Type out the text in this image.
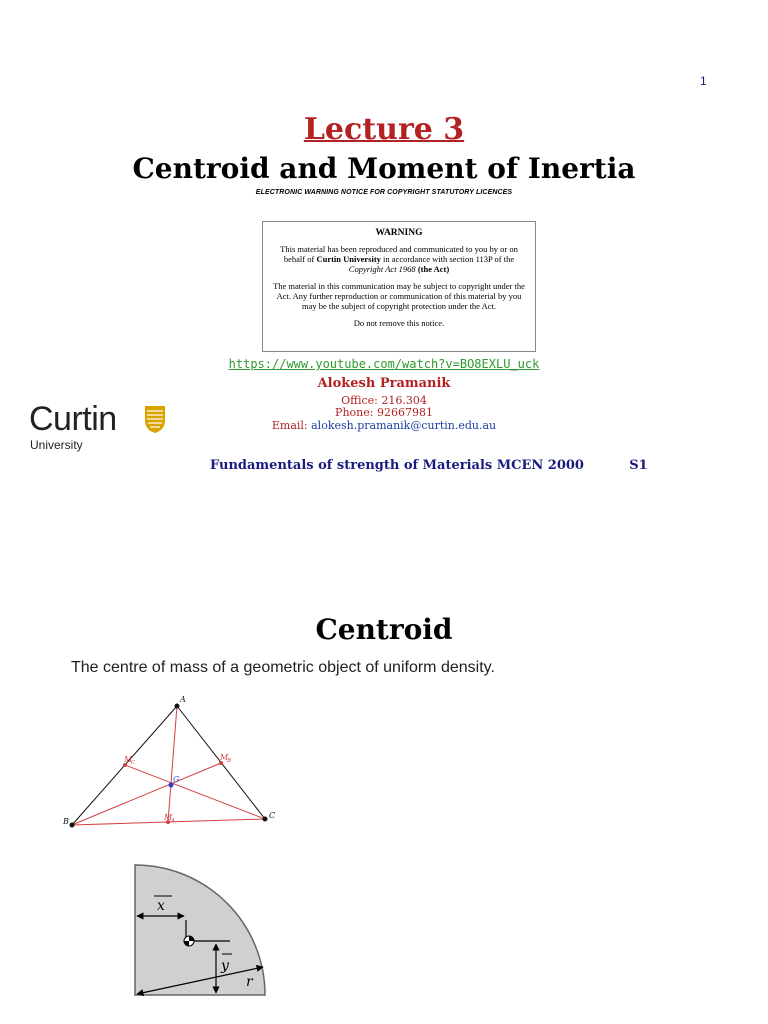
1
Lecture 3
Centroid and Moment of Inertia
ELECTRONIC WARNING NOTICE FOR COPYRIGHT STATUTORY LICENCES
WARNING

This material has been reproduced and communicated to you by or on behalf of Curtin University in accordance with section 113P of the Copyright Act 1968 (the Act)

The material in this communication may be subject to copyright under the Act. Any further reproduction or communication of this material by you may be the subject of copyright protection under the Act.

Do not remove this notice.

https://www.youtube.com/watch?v=BO8EXLU_uck
Alokesh Pramanik
Office: 216.304
Phone: 92667981
Email: alokesh.pramanik@curtin.edu.au
Curtin
University
Fundamentals of strength of Materials MCEN 2000	S1
Centroid
The centre of mass of a geometric object of uniform density.
A
B
C
G
M
A
M
B
M
C
x
y
r
